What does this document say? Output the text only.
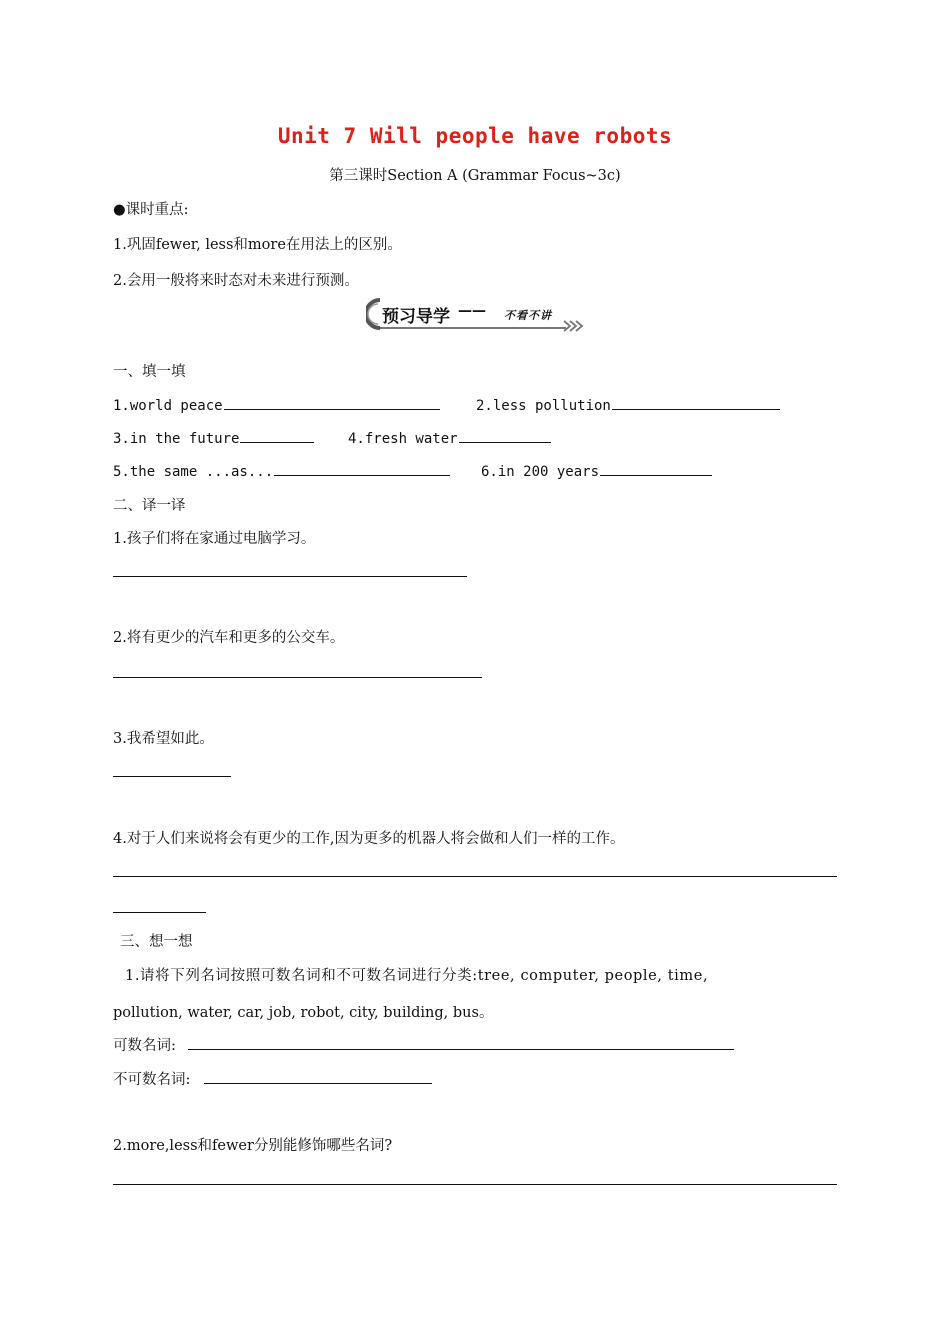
Unit 7 Will people have robots
第三课时Section A (Grammar Focus~3c)
●课时重点:
1.巩固fewer, less和more在用法上的区别。
2.会用一般将来时态对未来进行预测。
预习导学 —— 不看不讲
一、填一填
1.world peace	2.less pollution
3.in the future	4.fresh water
5.the same ...as...	6.in 200 years
二、译一译
1.孩子们将在家通过电脑学习。
2.将有更少的汽车和更多的公交车。
3.我希望如此。
4.对于人们来说将会有更少的工作,因为更多的机器人将会做和人们一样的工作。
三、想一想
1.请将下列名词按照可数名词和不可数名词进行分类:tree, computer, people, time,
pollution, water, car, job, robot, city, building, bus。
可数名词:
不可数名词:
2.more,less和fewer分别能修饰哪些名词?
